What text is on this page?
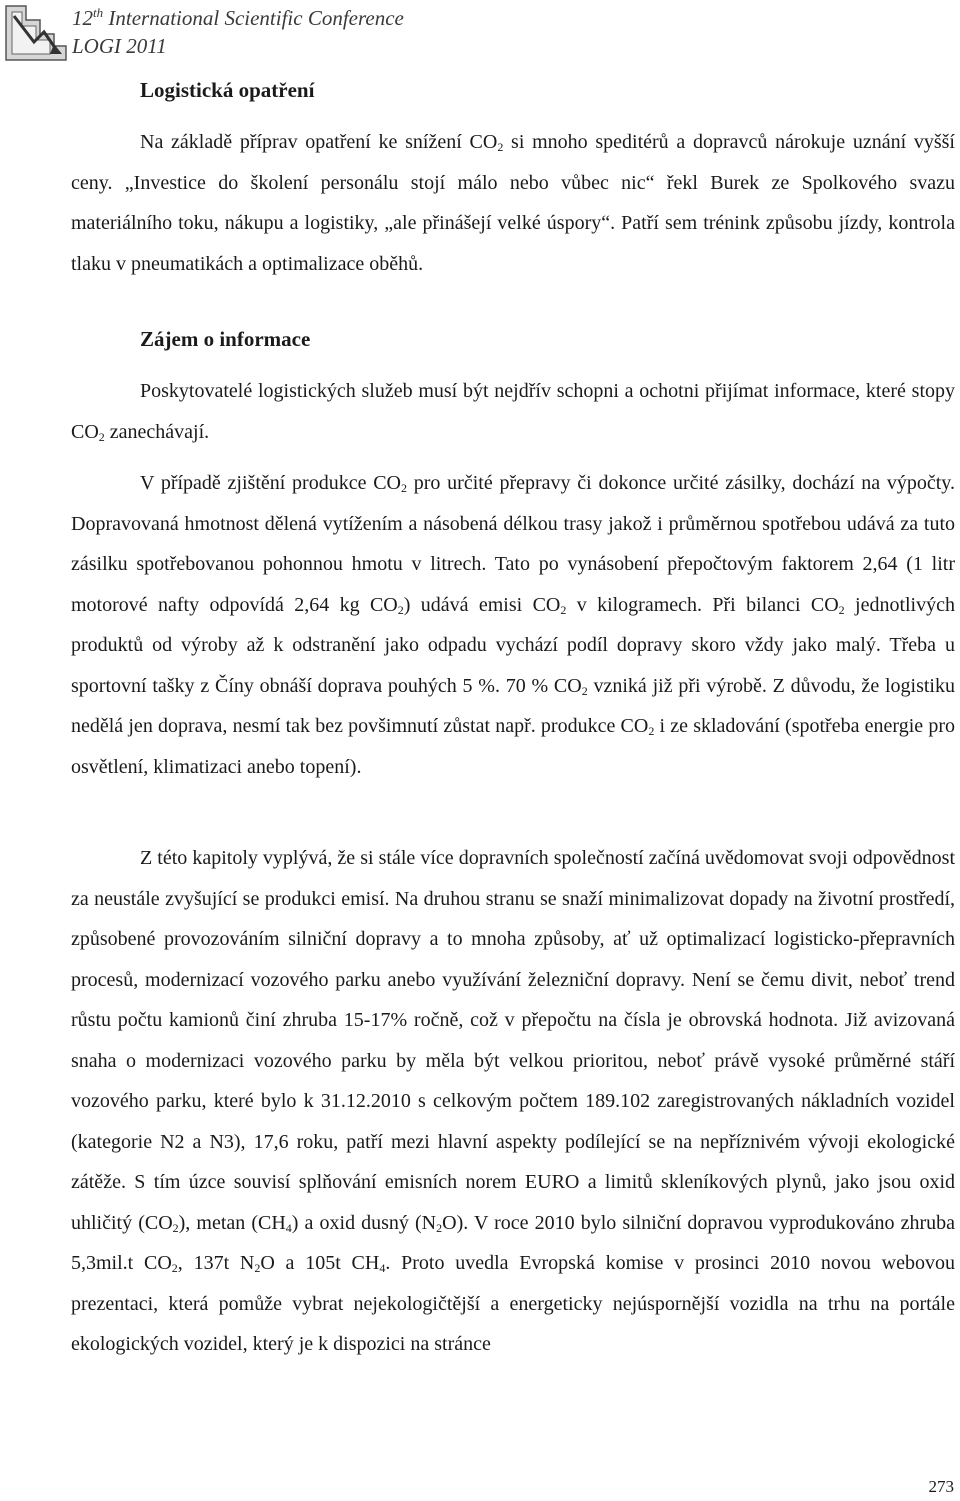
12th International Scientific Conference
LOGI 2011
Logistická opatření
Na základě příprav opatření ke snížení $CO_2$ si mnoho speditérů a dopravců nárokuje uznání vyšší ceny. „Investice do školení personálu stojí málo nebo vůbec nic“ řekl Burek ze Spolkového svazu materiálního toku, nákupu a logistiky, „ale přinášejí velké úspory“. Patří sem trénink způsobu jízdy, kontrola tlaku v pneumatikách a optimalizace oběhů.
Zájem o informace
Poskytovatelé logistických služeb musí být nejdřív schopni a ochotni přijímat informace, které stopy $CO_2$ zanechávají.
V případě zjištění produkce $CO_2$ pro určité přepravy či dokonce určité zásilky, dochází na výpočty. Dopravovaná hmotnost dělená vytížením a násobená délkou trasy jakož i průměrnou spotřebou udává za tuto zásilku spotřebovanou pohonnou hmotu v litrech. Tato po vynásobení přepočtovým faktorem 2,64 (1 litr motorové nafty odpovídá 2,64 kg $CO_2$) udává emisi $CO_2$ v kilogramech. Při bilanci $CO_2$ jednotlivých produktů od výroby až k odstranění jako odpadu vychází podíl dopravy skoro vždy jako malý. Třeba u sportovní tašky z Číny obnáší doprava pouhých 5 %. 70 % $CO_2$ vzniká již při výrobě. Z důvodu, že logistiku nedělá jen doprava, nesmí tak bez povšimnutí zůstat např. produkce $CO_2$ i ze skladování (spotřeba energie pro osvětlení, klimatizaci anebo topení).
Z této kapitoly vyplývá, že si stále více dopravních společností začíná uvědomovat svoji odpovědnost za neustále zvyšující se produkci emisí. Na druhou stranu se snaží minimalizovat dopady na životní prostředí, způsobené provozováním silniční dopravy a to mnoha způsoby, ať už optimalizací logisticko-přepravních procesů, modernizací vozového parku anebo využívání železniční dopravy. Není se čemu divit, neboť trend růstu počtu kamionů činí zhruba 15-17% ročně, což v přepočtu na čísla je obrovská hodnota. Již avizovaná snaha o modernizaci vozového parku by měla být velkou prioritou, neboť právě vysoké průměrné stáří vozového parku, které bylo k 31.12.2010 s celkovým počtem 189.102 zaregistrovaných nákladních vozidel (kategorie N2 a N3), 17,6 roku, patří mezi hlavní aspekty podílející se na nepříznivém vývoji ekologické zátěže. S tím úzce souvisí splňování emisních norem EURO a limitů skleníkových plynů, jako jsou oxid uhličitý $(CO_2)$, metan $(CH_4)$ a oxid dusný $(N_2O)$. V roce 2010 bylo silniční dopravou vyprodukováno zhruba 5,3mil.t $CO_2$, 137t $N_2O$ a 105t $CH_4$. Proto uvedla Evropská komise v prosinci 2010 novou webovou prezentaci, která pomůže vybrat nejekologičtější a energeticky nejúspornější vozidla na trhu na portále ekologických vozidel, který je k dispozici na stránce
273
